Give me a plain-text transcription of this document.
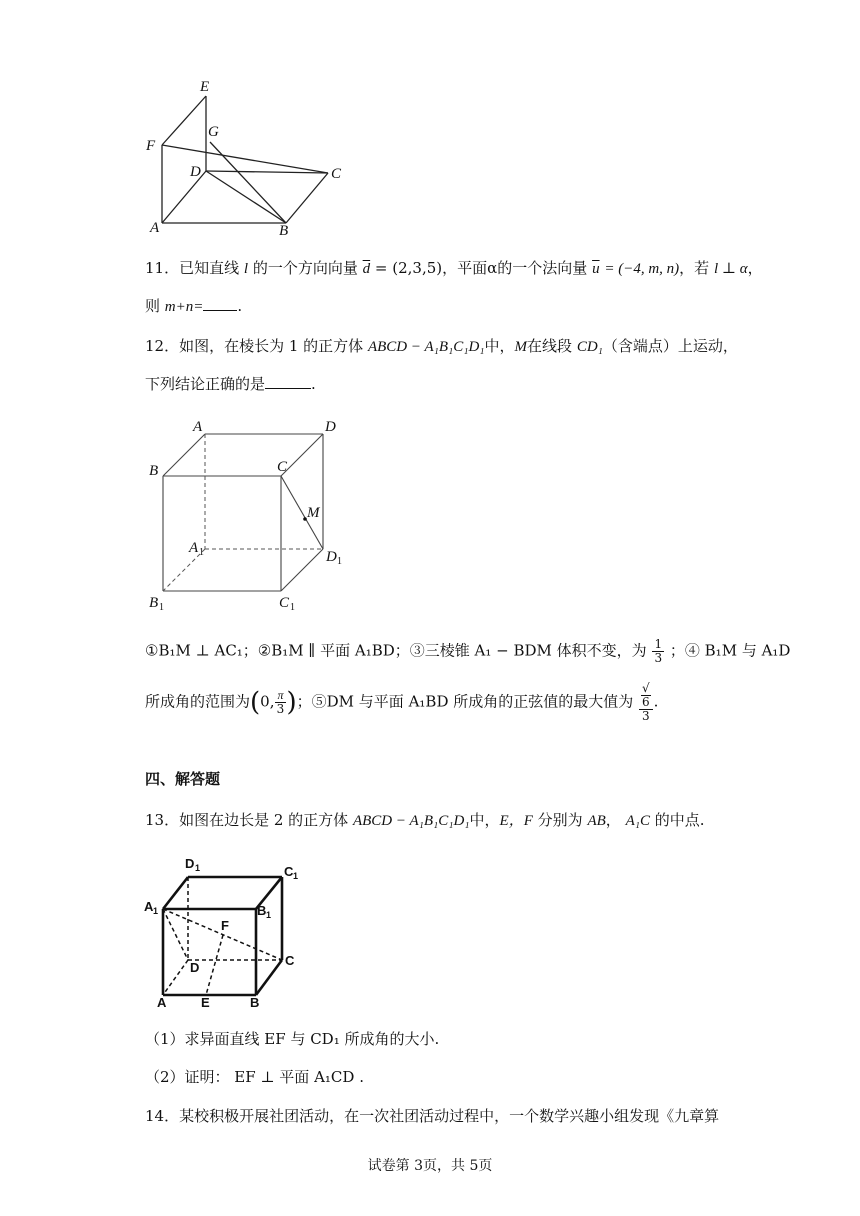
E
G
F
D	C
A	B
11．已知直线 l 的一个方向向量 $\overline{d} = (2,3,5)$，平面α的一个法向量 $\overline{u} = (-4$, m, n)，若 l ⊥ α，
则 m+n= .
12．如图，在棱长为 1 的正方体 ABCD − A₁B₁C₁D₁中，M在线段 CD₁（含端点）上运动，
下列结论正确的是	.
A	D
B	C
M
A 1	D 1
B 1	C 1
①B₁M ⊥ AC₁；②B₁M ∥ 平面 A₁BD；③三棱锥 A₁ − BDM 体积不变，为 $\frac{1}{3}$ ；④ B₁M 与 A₁D
所成角的范围为(0, $\frac{\pi}{3}$ )；⑤DM 与平面 A₁BD 所成角的正弦值的最大值为 √
6
3 .
四、解答题
13．如图在边长是 2 的正方体 ABCD − A₁B₁C₁D₁中，E，F 分别为 AB， A₁C 的中点.
D 1	C 1
A 1	B 1
F
D	C
A	E	B
（1）求异面直线 EF 与 CD₁ 所成角的大小.
（2）证明： EF ⊥ 平面 A₁CD .
14．某校积极开展社团活动，在一次社团活动过程中，一个数学兴趣小组发现《九章算
试卷第 3页，共 5页
